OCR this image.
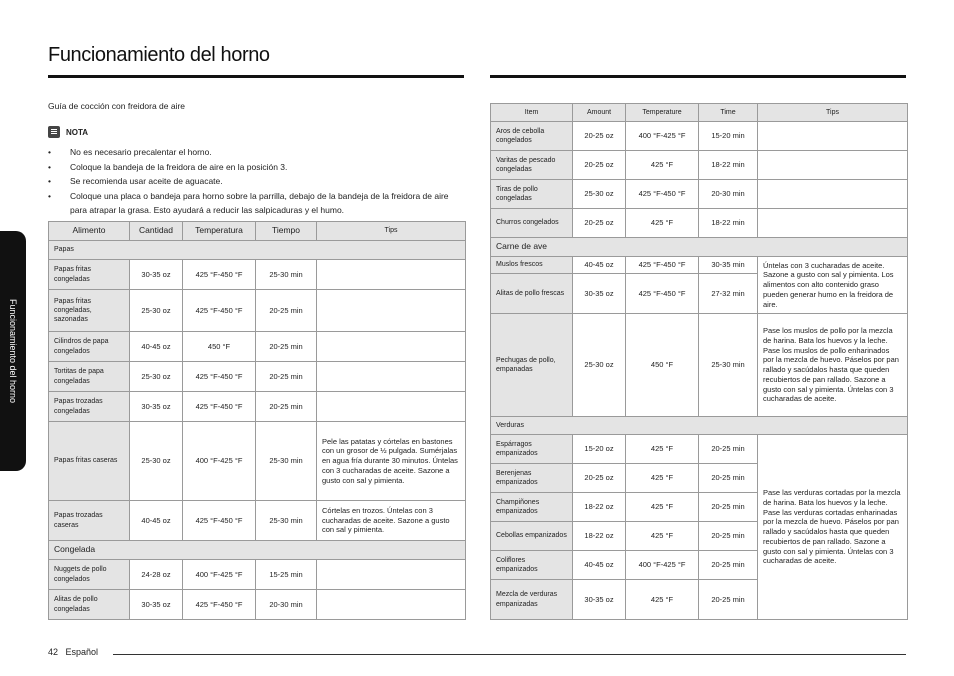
Funcionamiento del horno
Funcionamiento del horno
Guía de cocción con freidora de aire
NOTA
• No es necesario precalentar el horno.
• Coloque la bandeja de la freidora de aire en la posición 3.
• Se recomienda usar aceite de aguacate.
• Coloque una placa o bandeja para horno sobre la parrilla, debajo de la bandeja de la freidora de aire para atrapar la grasa. Esto ayudará a reducir las salpicaduras y el humo.
Alimento	Cantidad	Temperatura	Tiempo	Tips
Papas				
Papas fritas congeladas	30-35 oz	425 °F-450 °F	25-30 min	
Papas fritas congeladas, sazonadas	25-30 oz	425 °F-450 °F	20-25 min	
Cilindros de papa congelados	40-45 oz	450 °F	20-25 min	
Tortitas de papa congeladas	25-30 oz	425 °F-450 °F	20-25 min	
Papas trozadas congeladas	30-35 oz	425 °F-450 °F	20-25 min	
Papas fritas caseras	25-30 oz	400 °F-425 °F	25-30 min	Pele las patatas y córtelas en bastones con un grosor de ½ pulgada. Sumérjalas en agua fría durante 30 minutos. Úntelas con 3 cucharadas de aceite. Sazone a gusto con sal y pimienta.
Papas trozadas caseras	40-45 oz	425 °F-450 °F	25-30 min	Córtelas en trozos. Úntelas con 3 cucharadas de aceite. Sazone a gusto con sal y pimienta.
Congelada				
Nuggets de pollo congelados	24-28 oz	400 °F-425 °F	15-25 min	
Alitas de pollo congeladas	30-35 oz	425 °F-450 °F	20-30 min	
Item	Amount	Temperature	Time	Tips
Aros de cebolla congelados	20-25 oz	400 °F-425 °F	15-20 min	
Varitas de pescado congeladas	20-25 oz	425 °F	18-22 min	
Tiras de pollo congeladas	25-30 oz	425 °F-450 °F	20-30 min	
Churros congelados	20-25 oz	425 °F	18-22 min	
Carne de ave				
Muslos frescos	40-45 oz	425 °F-450 °F	30-35 min	Úntelas con 3 cucharadas de aceite. Sazone a gusto con sal y pimienta. Los alimentos con alto contenido graso pueden generar humo en la freidora de aire.
Alitas de pollo frescas	30-35 oz	425 °F-450 °F	27-32 min	
Pechugas de pollo, empanadas	25-30 oz	450 °F	25-30 min	Pase los muslos de pollo por la mezcla de harina. Bata los huevos y la leche. Pase los muslos de pollo enharinados por la mezcla de huevo. Páselos por pan rallado y sacúdalos hasta que queden recubiertos de pan rallado. Sazone a gusto con sal y pimienta. Úntelas con 3 cucharadas de aceite.
Verduras				
Espárragos empanizados	15-20 oz	425 °F	20-25 min	Pase las verduras cortadas por la mezcla de harina. Bata los huevos y la leche. Pase las verduras cortadas enharinadas por la mezcla de huevo. Páselos por pan rallado y sacúdalos hasta que queden recubiertos de pan rallado. Sazone a gusto con sal y pimienta. Úntelas con 3 cucharadas de aceite.
Berenjenas empanizados	20-25 oz	425 °F	20-25 min	
Champiñones empanizados	18-22 oz	425 °F	20-25 min	
Cebollas empanizados	18-22 oz	425 °F	20-25 min	
Coliflores empanizados	40-45 oz	400 °F-425 °F	20-25 min	
Mezcla de verduras empanizadas	30-35 oz	425 °F	20-25 min	
42 Español
